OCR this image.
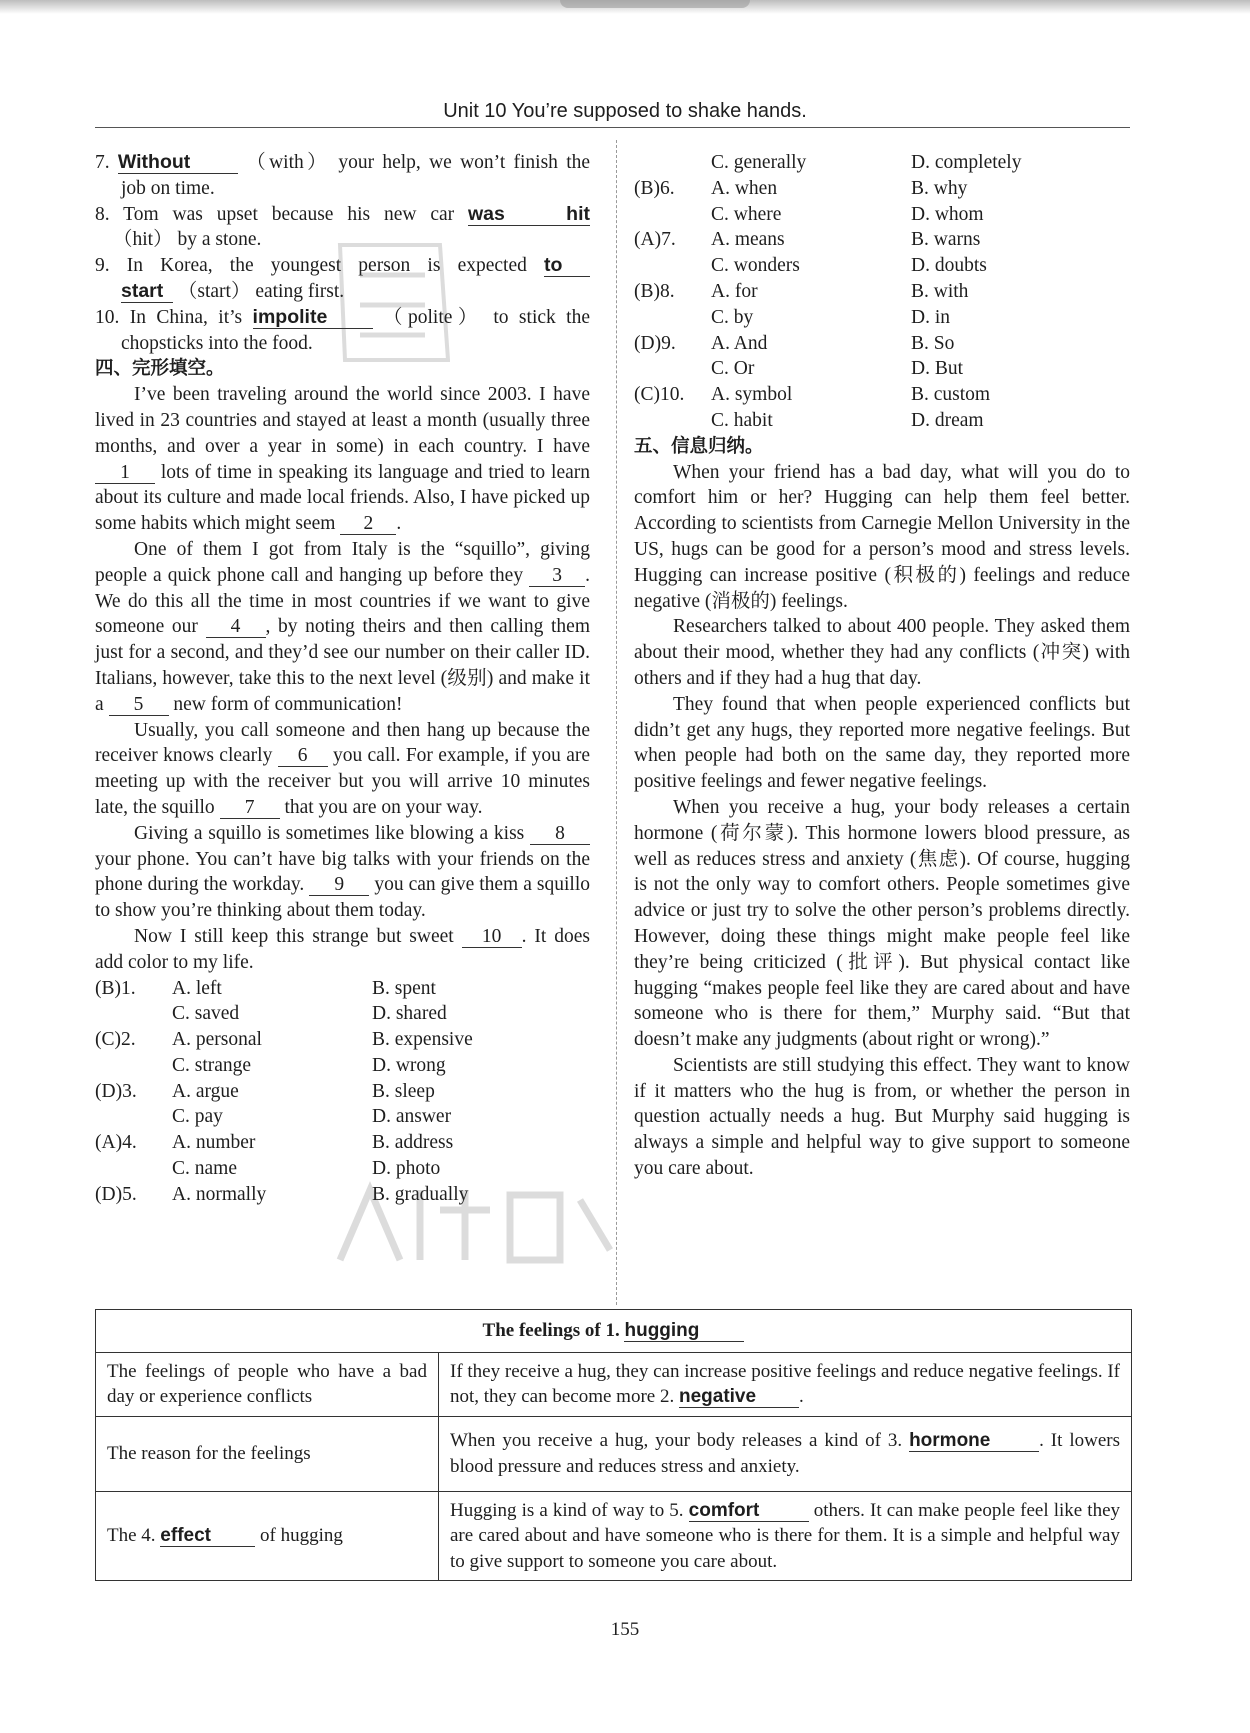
Unit 10 You’re supposed to shake hands.
7. Without	（with） your help, we won’t finish the
job on time.
8. Tom was upset because his new car was hit
（hit） by a stone.
9. In Korea, the youngest person is expected to
start （start） eating first.
10. In China, it’s impolite	（polite） to stick the
chopsticks into the food.
四、完形填空。
I’ve been traveling around the world since 2003. I have lived in 23 countries and stayed at least a month (usually three months, and over a year in some) in each country. I have 1 lots of time in speaking its language and tried to learn about its culture and made local friends. Also, I have picked up some habits which might seem 2 .
One of them I got from Italy is the “squillo”, giving people a quick phone call and hanging up before they 3 . We do this all the time in most countries if we want to give someone our 4 , by noting theirs and then calling them just for a second, and they’d see our number on their caller ID. Italians, however, take this to the next level (级别) and make it a 5 new form of communication!
Usually, you call someone and then hang up because the receiver knows clearly 6 you call. For example, if you are meeting up with the receiver but you will arrive 10 minutes late, the squillo 7 that you are on your way.
Giving a squillo is sometimes like blowing a kiss 8 your phone. You can’t have big talks with your friends on the phone during the workday. 9 you can give them a squillo to show you’re thinking about them today.
Now I still keep this strange but sweet 10 . It does add color to my life.
(B)1.	A. left	B. spent
C. saved	D. shared
(C)2.	A. personal	B. expensive
C. strange	D. wrong
(D)3.	A. argue	B. sleep
C. pay	D. answer
(A)4.	A. number	B. address
C. name	D. photo
(D)5.	A. normally	B. gradually
C. generally	D. completely
(B)6.	A. when	B. why
C. where	D. whom
(A)7.	A. means	B. warns
C. wonders	D. doubts
(B)8.	A. for	B. with
C. by	D. in
(D)9.	A. And	B. So
C. Or	D. But
(C)10.	A. symbol	B. custom
C. habit	D. dream
五、信息归纳。
When your friend has a bad day, what will you do to comfort him or her? Hugging can help them feel better. According to scientists from Carnegie Mellon University in the US, hugs can be good for a person’s mood and stress levels. Hugging can increase positive (积极的) feelings and reduce negative (消极的) feelings.
Researchers talked to about 400 people. They asked them about their mood, whether they had any conflicts (冲突) with others and if they had a hug that day.
They found that when people experienced conflicts but didn’t get any hugs, they reported more negative feelings. But when people had both on the same day, they reported more positive feelings and fewer negative feelings.
When you receive a hug, your body releases a certain hormone (荷尔蒙). This hormone lowers blood pressure, as well as reduces stress and anxiety (焦虑). Of course, hugging is not the only way to comfort others. People sometimes give advice or just try to solve the other person’s problems directly. However, doing these things might make people feel like they’re being criticized (批评). But physical contact like hugging “makes people feel like they are cared about and have someone who is there for them,” Murphy said. “But that doesn’t make any judgments (about right or wrong).”
Scientists are still studying this effect. They want to know if it matters who the hug is from, or whether the person in question actually needs a hug. But Murphy said hugging is always a simple and helpful way to give support to someone you care about.
The feelings of 1. hugging	
The feelings of people who have a bad day or experience conflicts	If they receive a hug, they can increase positive feelings and reduce negative feelings. If not, they can become more 2. negative .
The reason for the feelings	When you receive a hug, your body releases a kind of 3. hormone . It lowers blood pressure and reduces stress and anxiety.
The 4. effect of hugging	Hugging is a kind of way to 5. comfort others. It can make people feel like they are cared about and have someone who is there for them. It is a simple and helpful way to give support to someone you care about.
155
